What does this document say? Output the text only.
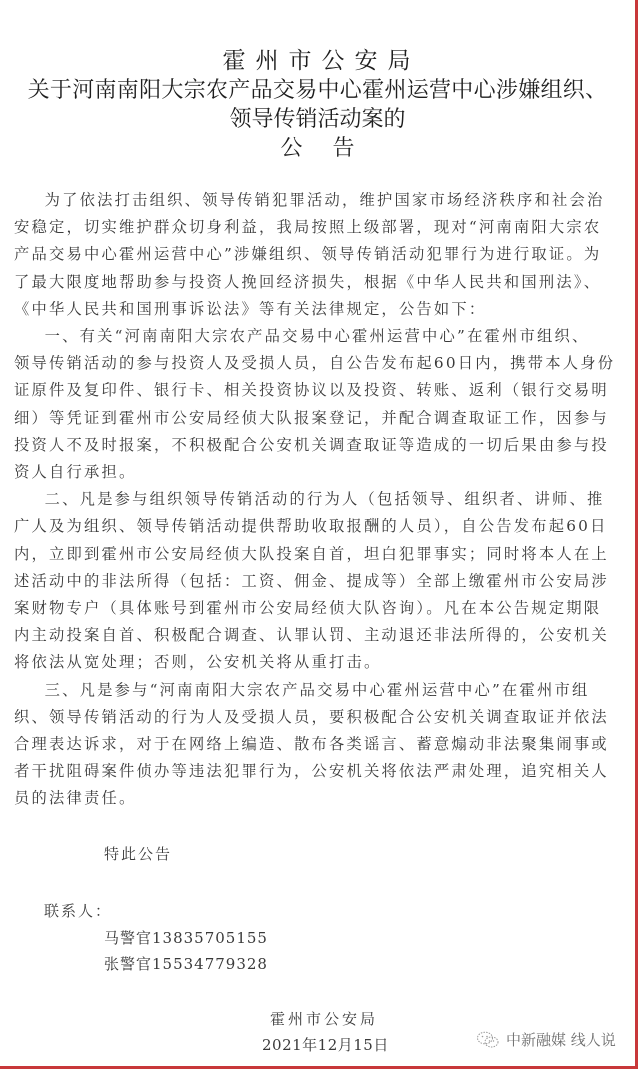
霍州市公安局
关于河南南阳大宗农产品交易中心霍州运营中心涉嫌组织、
领导传销活动案的
公告

为了依法打击组织、领导传销犯罪活动，维护国家市场经济秩序和社会治
安稳定，切实维护群众切身利益，我局按照上级部署，现对“河南南阳大宗农
产品交易中心霍州运营中心”涉嫌组织、领导传销活动犯罪行为进行取证。为
了最大限度地帮助参与投资人挽回经济损失，根据《中华人民共和国刑法》、
《中华人民共和国刑事诉讼法》等有关法律规定，公告如下：

一、有关“河南南阳大宗农产品交易中心霍州运营中心”在霍州市组织、
领导传销活动的参与投资人及受损人员，自公告发布起60日内，携带本人身份
证原件及复印件、银行卡、相关投资协议以及投资、转账、返利（银行交易明
细）等凭证到霍州市公安局经侦大队报案登记，并配合调查取证工作，因参与
投资人不及时报案，不积极配合公安机关调查取证等造成的一切后果由参与投
资人自行承担。

二、凡是参与组织领导传销活动的行为人（包括领导、组织者、讲师、推
广人及为组织、领导传销活动提供帮助收取报酬的人员），自公告发布起60日
内，立即到霍州市公安局经侦大队投案自首，坦白犯罪事实；同时将本人在上
述活动中的非法所得（包括：工资、佣金、提成等）全部上缴霍州市公安局涉
案财物专户（具体账号到霍州市公安局经侦大队咨询）。凡在本公告规定期限
内主动投案自首、积极配合调查、认罪认罚、主动退还非法所得的，公安机关
将依法从宽处理；否则，公安机关将从重打击。

三、凡是参与“河南南阳大宗农产品交易中心霍州运营中心”在霍州市组
织、领导传销活动的行为人及受损人员，要积极配合公安机关调查取证并依法
合理表达诉求，对于在网络上编造、散布各类谣言、蓄意煽动非法聚集闹事或
者干扰阻碍案件侦办等违法犯罪行为，公安机关将依法严肃处理，追究相关人
员的法律责任。

特此公告
联系人：
马警官13835705155
张警官15534779328
霍州市公安局
2021年12月15日	中新融媒 线人说
